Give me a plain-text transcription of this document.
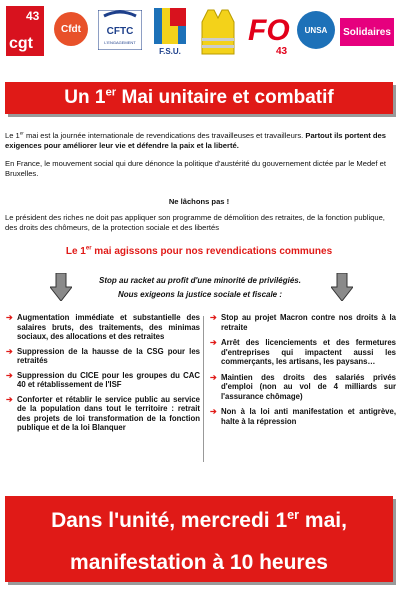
43
cgt
Cfdt	CFTC
L'ENGAGEMENT
F.S.U.
FO
43
UNSA Solidaires
Un 1er Mai unitaire et combatif
Le 1er mai est la journée internationale de revendications des travailleuses et travailleurs. Partout ils portent des exigences pour améliorer leur vie et défendre la paix et la liberté.
En France, le mouvement social qui dure dénonce la politique d'austérité du gouvernement dictée par le Medef et Bruxelles.
Ne lâchons pas !
Le président des riches ne doit pas appliquer son programme de démolition des retraites, de la fonction publique, des droits des chômeurs, de la protection sociale et des libertés
Le 1er mai agissons pour nos revendications communes
Stop au racket au profit d'une minorité de privilégiés.
Nous exigeons la justice sociale et fiscale :
➔ Augmentation immédiate et substantielle des salaires bruts, des traitements, des minimas sociaux, des allocations et des retraites
➔ Suppression de la hausse de la CSG pour les retraités
➔ Suppression du CICE pour les groupes du CAC 40 et rétablissement de l'ISF
➔ Conforter et rétablir le service public au service de la population dans tout le territoire : retrait des projets de loi transformation de la fonction publique et de la loi Blanquer
➔ Stop au projet Macron contre nos droits à la retraite
➔ Arrêt des licenciements et des fermetures d'entreprises qui impactent aussi les commerçants, les artisans, les paysans…
➔ Maintien des droits des salariés privés d'emploi (non au vol de 4 milliards sur l'assurance chômage)
➔ Non à la loi anti manifestation et antigrève, halte à la répression
Dans l'unité, mercredi 1er mai,
manifestation à 10 heures
